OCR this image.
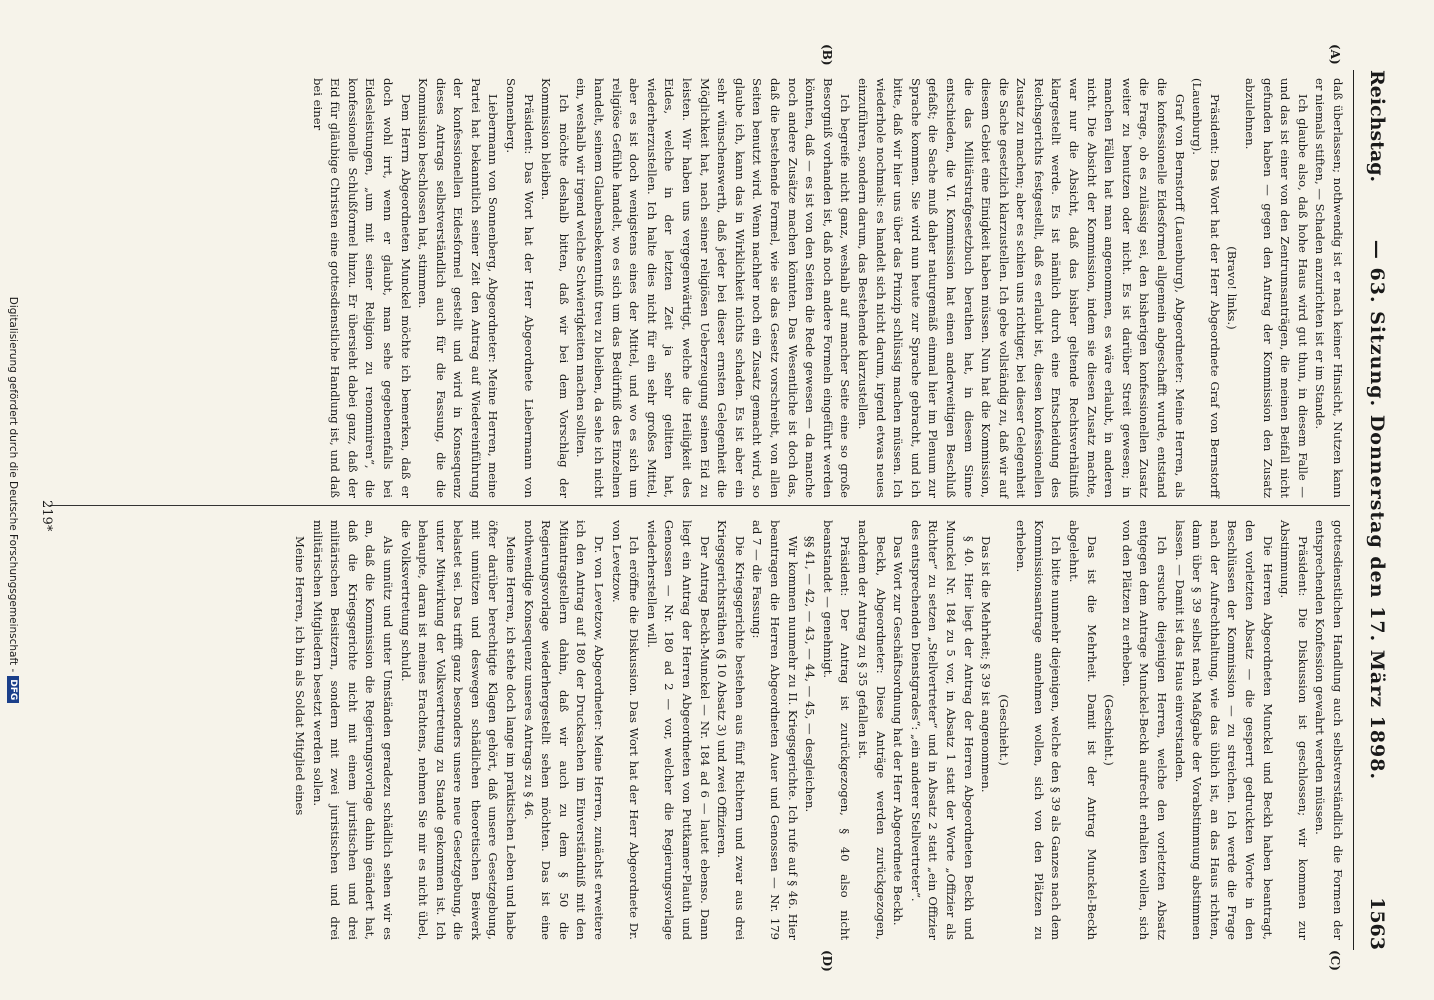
Reichstag.
— 63. Sitzung. Donnerstag den 17. März 1898.
1563
(A)
(B)
(C)
(D)

daß überlassen; nothwendig ist er nach keiner Hinsicht, Nutzen kann er niemals stiften, — Schaden anzurichten ist er im Stande.

Ich glaube also, daß hohe Haus wird gut thun, in diesem Falle — und das ist einer von den Zentrumsanträgen, die meinen Beifall nicht gefunden haben — gegen den Antrag der Kommission den Zusatz abzulehnen.

(Bravo! links.)

Präsident: Das Wort hat der Herr Abgeordnete Graf von Bernstorff (Lauenburg).

Graf von Bernstorff (Lauenburg), Abgeordneter: Meine Herren, als die konfessionelle Eidesformel allgemein abgeschafft wurde, entstand die Frage, ob es zulässig sei, den bisherigen konfessionellen Zusatz weiter zu benutzen oder nicht. Es ist darüber Streit gewesen; in manchen Fällen hat man angenommen, es wäre erlaubt, in anderen nicht. Die Absicht der Kommission, indem sie diesen Zusatz machte, war nur die Absicht, daß das bisher geltende Rechtsverhältniß klargestellt werde. Es ist nämlich durch eine Entscheidung des Reichsgerichts festgestellt, daß es erlaubt ist, diesen konfessionellen Zusatz zu machen; aber es schien uns richtiger, bei dieser Gelegenheit die Sache gesetzlich klarzustellen. Ich gebe vollständig zu, daß wir auf diesem Gebiet eine Einigkeit haben müssen. Nun hat die Kommission, die das Militärstrafgesetzbuch berathen hat, in diesem Sinne entschieden, die VI. Kommission hat einen anderweitigen Beschluß gefaßt; die Sache muß daher naturgemäß einmal hier im Plenum zur Sprache kommen. Sie wird nun heute zur Sprache gebracht, und ich bitte, daß wir hier uns über das Prinzip schlüssig machen müssen. Ich wiederhole nochmals: es handelt sich nicht darum, irgend etwas neues einzuführen, sondern darum, das Bestehende klarzustellen.

Ich begreife nicht ganz, weshalb auf mancher Seite eine so große Besorgniß vorhanden ist, daß noch andere Formeln eingeführt werden könnten, daß — es ist von den Seiten die Rede gewesen — da manche noch andere Zusätze machen könnten. Das Wesentliche ist doch das, daß die bestehende Formel, wie sie das Gesetz vorschreibt, von allen Seiten benutzt wird. Wenn nachher noch ein Zusatz gemacht wird, so glaube ich, kann das in Wirklichkeit nichts schaden. Es ist aber ein sehr wünschenswerth, daß jeder bei dieser ernsten Gelegenheit die Möglichkeit hat, nach seiner religiösen Ueberzeugung seinen Eid zu leisten. Wir haben uns vergegenwärtigt, welche die Heiligkeit des Eides, welche in der letzten Zeit ja sehr gelitten hat, wiederherzustellen. Ich halte dies nicht für ein sehr großes Mittel, aber es ist doch wenigstens eines der Mittel, und wo es sich um religiöse Gefühle handelt, wo es sich um das Bedürfniß des Einzelnen handelt, seinem Glaubensbekenntniß treu zu bleiben, da sehe ich nicht ein, weshalb wir irgend welche Schwierigkeiten machen sollten.

Ich möchte deshalb bitten, daß wir bei dem Vorschlag der Kommission bleiben.

Präsident: Das Wort hat der Herr Abgeordnete Liebermann von Sonnenberg.

Liebermann von Sonnenberg, Abgeordneter: Meine Herren, meine Partei hat bekanntlich seiner Zeit den Antrag auf Wiedereinführung der konfessionellen Eidesformel gestellt und wird in Konsequenz dieses Antrags selbstverständlich auch für die Fassung, die die Kommission beschlossen hat, stimmen.

Dem Herrn Abgeordneten Munckel möchte ich bemerken, daß er doch wohl irrt, wenn er glaubt, man sehe gegebenenfalls bei Eidesleistungen, „um mit seiner Religion zu renommiren“, die konfessionelle Schlußformel hinzu. Er übersieht dabei ganz, daß der Eid für gläubige Christen eine gottesdienstliche Handlung ist, und daß bei einer

gottesdienstlichen Handlung auch selbstverständlich die Formen der entsprechenden Konfession gewahrt werden müssen.

Präsident: Die Diskussion ist geschlossen; wir kommen zur Abstimmung.

Die Herren Abgeordneten Munckel und Beckh haben beantragt, den vorletzten Absatz — die gesperrt gedruckten Worte in den Beschlüssen der Kommission — zu streichen. Ich werde die Frage nach der Aufrechthaltung, wie das üblich ist, an das Haus richten, dann über § 39 selbst nach Maßgabe der Vorabstimmung abstimmen lassen. — Damit ist das Haus einverstanden.

Ich ersuche diejenigen Herren, welche den vorletzten Absatz entgegen dem Antrage Munckel-Beckh aufrecht erhalten wollen, sich von den Plätzen zu erheben.

(Geschieht.)

Das ist die Mehrheit. Damit ist der Antrag Munckel-Beckh abgelehnt.

Ich bitte nunmehr diejenigen, welche den § 39 als Ganzes nach dem Kommissionsantrage annehmen wollen, sich von den Plätzen zu erheben.

(Geschieht.)

Das ist die Mehrheit; § 39 ist angenommen.

§ 40. Hier liegt der Antrag der Herren Abgeordneten Beckh und Munckel Nr. 184 zu 5 vor, in Absatz 1 statt der Worte „Offizier als Richter“ zu setzen „Stellvertreter“ und in Absatz 2 statt „ein Offizier des entsprechenden Dienstgrades“: „ein anderer Stellvertreter“.

Das Wort zur Geschäftsordnung hat der Herr Abgeordnete Beckh.

Beckh, Abgeordneter: Diese Anträge werden zurückgezogen, nachdem der Antrag zu § 35 gefallen ist.

Präsident: Der Antrag ist zurückgezogen, § 40 also nicht beanstandet — genehmigt.

§§ 41, — 42, — 43, — 44, — 45, — desgleichen.

Wir kommen nunmehr zu II. Kriegsgerichte. Ich rufe auf § 46. Hier beantragen die Herren Abgeordneten Auer und Genossen — Nr. 179 ad 7 — die Fassung:

Die Kriegsgerichte bestehen aus fünf Richtern und zwar aus drei Kriegsgerichtsräthen (§ 10 Absatz 3) und zwei Offizieren.

Der Antrag Beckh-Munckel — Nr. 184 ad 6 — lautet ebenso. Dann liegt ein Antrag der Herren Abgeordneten von Puttkamer-Plauth und Genossen — Nr. 180 ad 2 — vor, welcher die Regierungsvorlage wiederherstellen will.

Ich eröffne die Diskussion. Das Wort hat der Herr Abgeordnete Dr. von Levetzow.

Dr. von Levetzow, Abgeordneter: Meine Herren, zunächst erweitere ich den Antrag auf 180 der Drucksachen im Einverständniß mit den Mitantragstellern dahin, daß wir auch zu dem § 50 die Regierungsvorlage wiederhergestellt sehen möchten. Das ist eine nothwendige Konsequenz unseres Antrags zu § 46.

Meine Herren, ich stehe doch lange im praktischen Leben und habe öfter darüber berechtigte Klagen gehört, daß unsere Gesetzgebung, mit unnützen und deswegen schädlichen theoretischen Beiwerk belastet sei. Das trifft ganz besonders unsere neue Gesetzgebung, die unter Mitwirkung der Volksvertretung zu Stande gekommen ist. Ich behaupte, daran ist meines Erachtens, nehmen Sie mir es nicht übel, die Volksvertretung schuld.

Als unnütz und unter Umständen geradezu schädlich sehen wir es an, daß die Kommission die Regierungsvorlage dahin geändert hat, daß die Kriegsgerichte nicht mit einem juristischen und drei militärischen Beisitzern, sondern mit zwei juristischen und drei militärischen Mitgliedern besetzt werden sollen.

Meine Herren, ich bin als Soldat Mitglied eines

219*
Digitalisierung gefördert durch die Deutsche Forschungsgemeinschaft -
DFG
